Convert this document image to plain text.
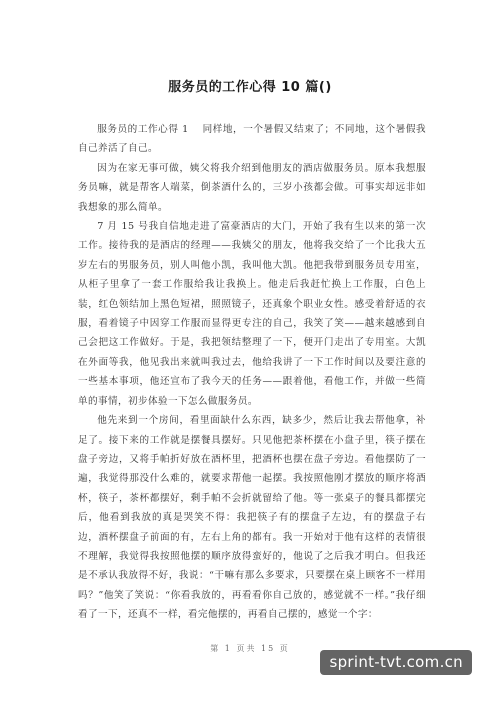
服务员的工作心得 10 篇()

服务员的工作心得 1　 同样地，一个暑假又结束了；不同地，这个暑假我自己养活了自己。

因为在家无事可做，姨父将我介绍到他朋友的酒店做服务员。原本我想服务员嘛，就是帮客人端菜，倒茶酒什么的，三岁小孩都会做。可事实却远非如我想象的那么简单。

7 月 15 号我自信地走进了富豪酒店的大门，开始了我有生以来的第一次工作。接待我的是酒店的经理——我姨父的朋友，他将我交给了一个比我大五岁左右的男服务员，别人叫他小凯，我叫他大凯。他把我带到服务员专用室，从柜子里拿了一套工作服给我让我换上。他走后我赶忙换上工作服，白色上装，红色领结加上黑色短裙，照照镜子，还真象个职业女性。感受着舒适的衣服，看着镜子中因穿工作服而显得更专注的自己，我笑了笑——越来越感到自己会把这工作做好。于是，我把领结整理了一下，便开门走出了专用室。大凯在外面等我，他见我出来就叫我过去，他给我讲了一下工作时间以及要注意的一些基本事项，他还宣布了我今天的任务——跟着他，看他工作，并做一些简单的事情，初步体验一下怎么做服务员。

他先来到一个房间，看里面缺什么东西，缺多少，然后让我去帮他拿，补足了。接下来的工作就是摆餐具摆好。只见他把茶杯摆在小盘子里，筷子摆在盘子旁边，又将手帕折好放在酒杯里，把酒杯也摆在盘子旁边。看他摆防了一遍，我觉得那没什么难的，就要求帮他一起摆。我按照他刚才摆放的顺序将酒杯，筷子，茶杯都摆好，剩手帕不会折就留给了他。等一张桌子的餐具都摆完后，他看到我放的真是哭笑不得：我把筷子有的摆盘子左边，有的摆盘子右边，酒杯摆盘子前面的有，左右上角的都有。我一开始对于他有这样的表情很不理解，我觉得我按照他摆的顺序放得蛮好的，他说了之后我才明白。但我还是不承认我放得不好，我说：“干嘛有那么多要求，只要摆在桌上顾客不一样用吗？”他笑了笑说：“你看我放的，再看看你自己放的，感觉就不一样。”我仔细看了一下，还真不一样，看完他摆的，再看自己摆的，感觉一个字：

第 1 页共 15 页
sprint-tvt.com.cn
